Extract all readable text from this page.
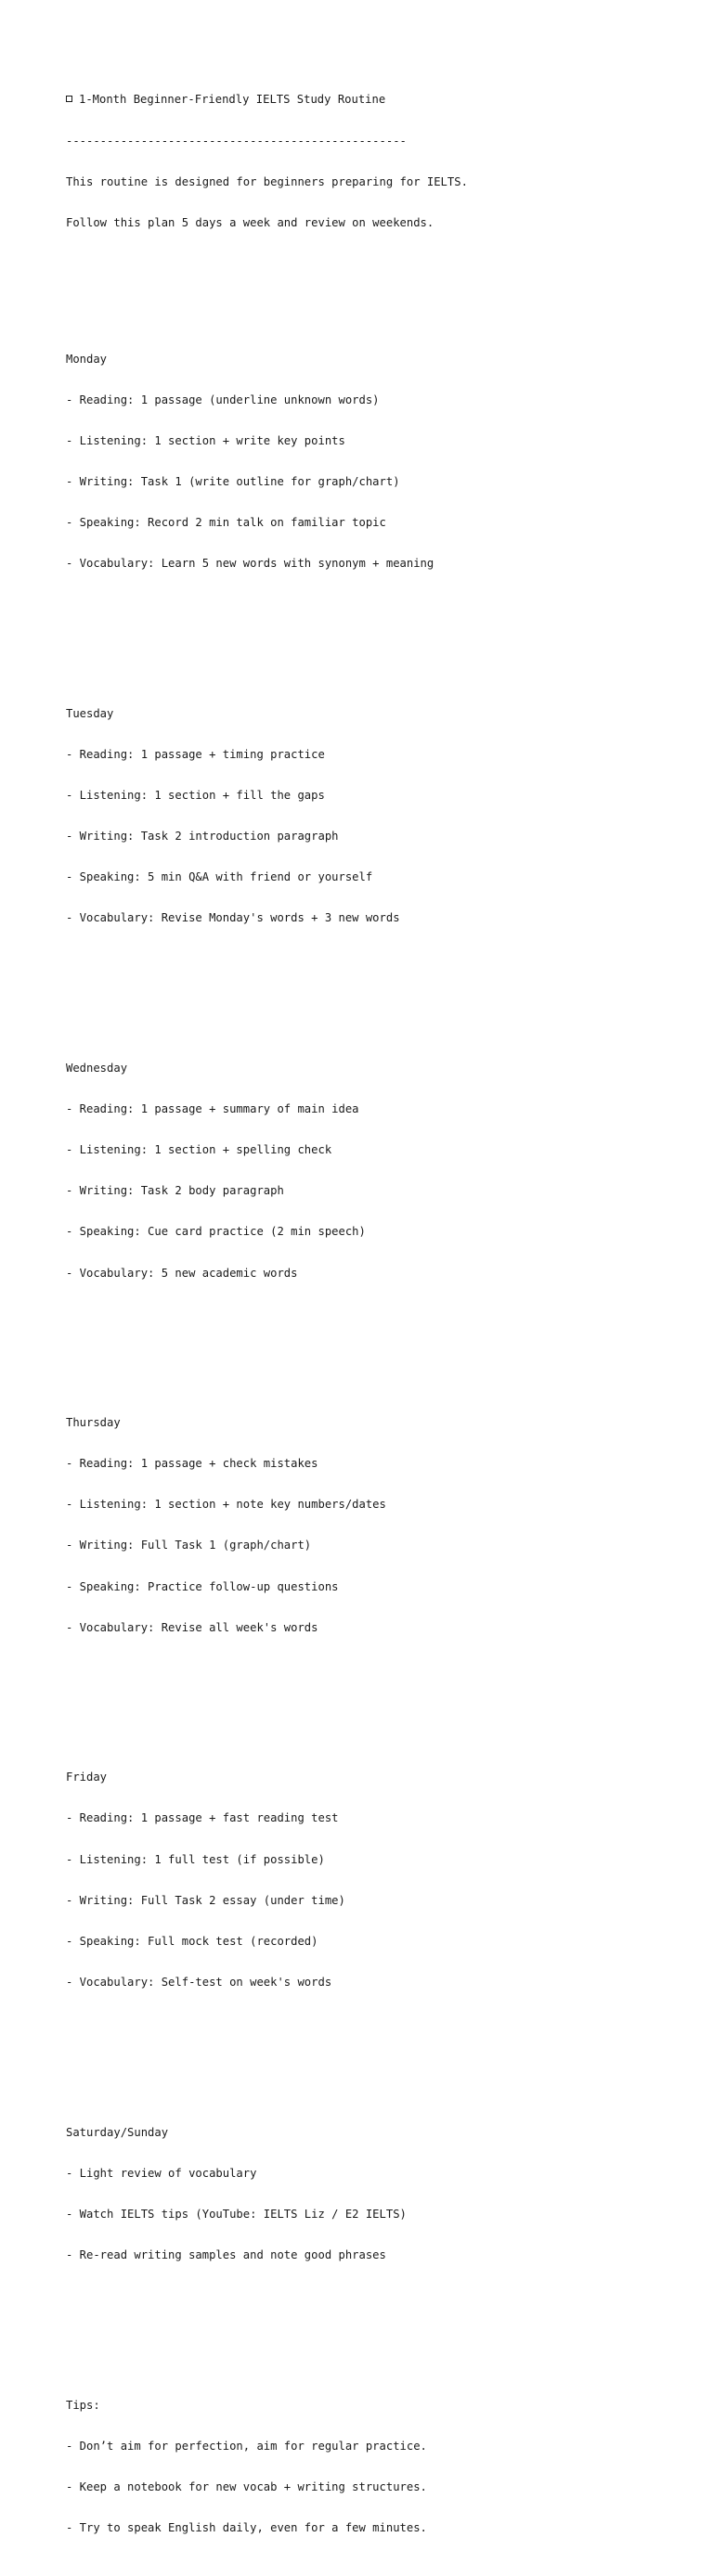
1-Month Beginner-Friendly IELTS Study Routine

--------------------------------------------------

This routine is designed for beginners preparing for IELTS.

Follow this plan 5 days a week and review on weekends.

Monday

- Reading: 1 passage (underline unknown words)

- Listening: 1 section + write key points

- Writing: Task 1 (write outline for graph/chart)

- Speaking: Record 2 min talk on familiar topic

- Vocabulary: Learn 5 new words with synonym + meaning

Tuesday

- Reading: 1 passage + timing practice

- Listening: 1 section + fill the gaps

- Writing: Task 2 introduction paragraph

- Speaking: 5 min Q&A with friend or yourself

- Vocabulary: Revise Monday's words + 3 new words

Wednesday

- Reading: 1 passage + summary of main idea

- Listening: 1 section + spelling check

- Writing: Task 2 body paragraph

- Speaking: Cue card practice (2 min speech)

- Vocabulary: 5 new academic words

Thursday

- Reading: 1 passage + check mistakes

- Listening: 1 section + note key numbers/dates

- Writing: Full Task 1 (graph/chart)

- Speaking: Practice follow-up questions

- Vocabulary: Revise all week's words

Friday

- Reading: 1 passage + fast reading test

- Listening: 1 full test (if possible)

- Writing: Full Task 2 essay (under time)

- Speaking: Full mock test (recorded)

- Vocabulary: Self-test on week's words

Saturday/Sunday

- Light review of vocabulary

- Watch IELTS tips (YouTube: IELTS Liz / E2 IELTS)

- Re-read writing samples and note good phrases

Tips:

- Don’t aim for perfection, aim for regular practice.

- Keep a notebook for new vocab + writing structures.

- Try to speak English daily, even for a few minutes.
